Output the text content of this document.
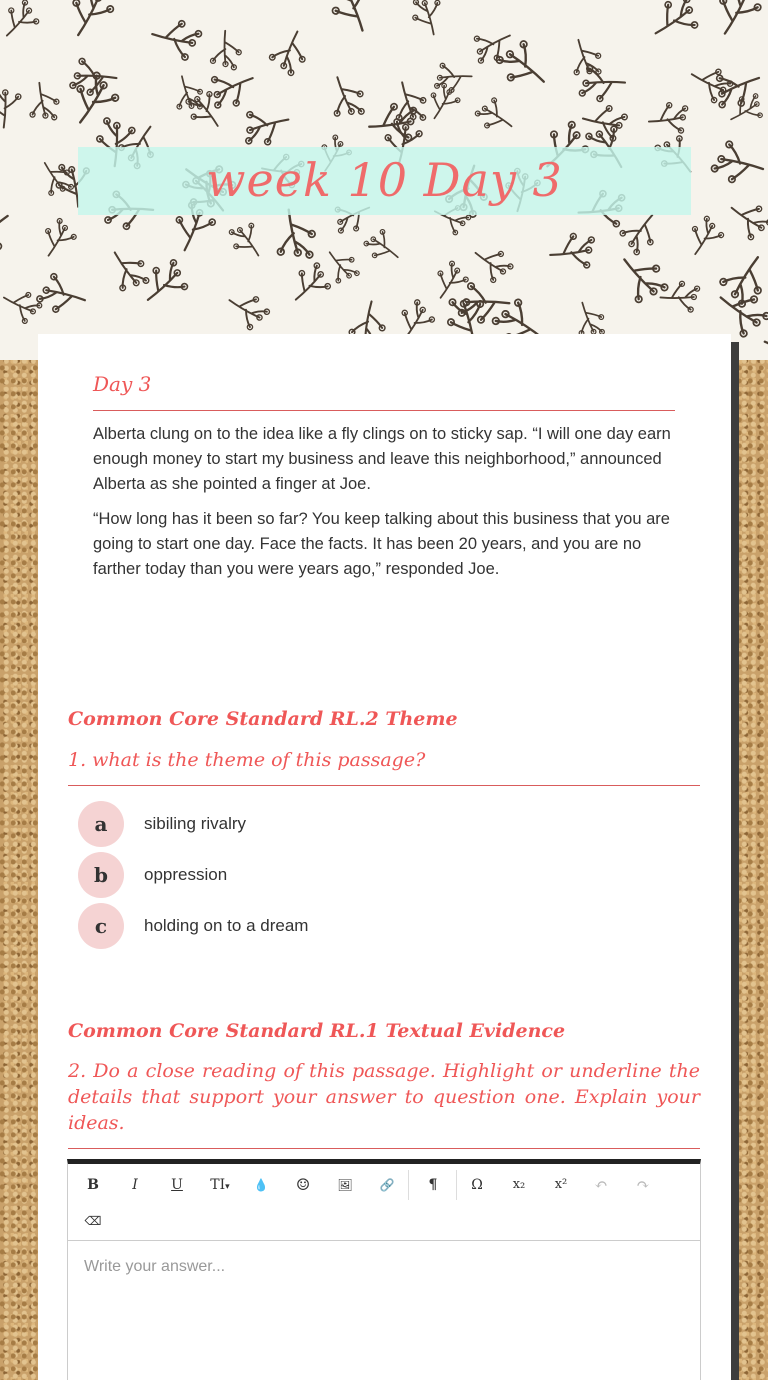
week 10 Day 3
Day 3
Alberta clung on to the idea like a fly clings on to sticky sap. “I will one day earn enough money to start my business and leave this neighborhood,” announced Alberta as she pointed a finger at Joe.
“How long has it been so far? You keep talking about this business that you are going to start one day. Face the facts. It has been 20 years, and you are no farther today than you were years ago,” responded Joe.
Common Core Standard RL.2 Theme
1. what is the theme of this passage?
a	sibiling rivalry
b	oppression
c	holding on to a dream
Common Core Standard RL.1 Textual Evidence
2. Do a close reading of this passage. Highlight or underline the details that support your answer to question one. Explain your ideas.
B	I	U	TI▾	💧	☺	🖼	🔗	¶	Ω	x₂	x²	↶	↷
⌫
Write your answer...
